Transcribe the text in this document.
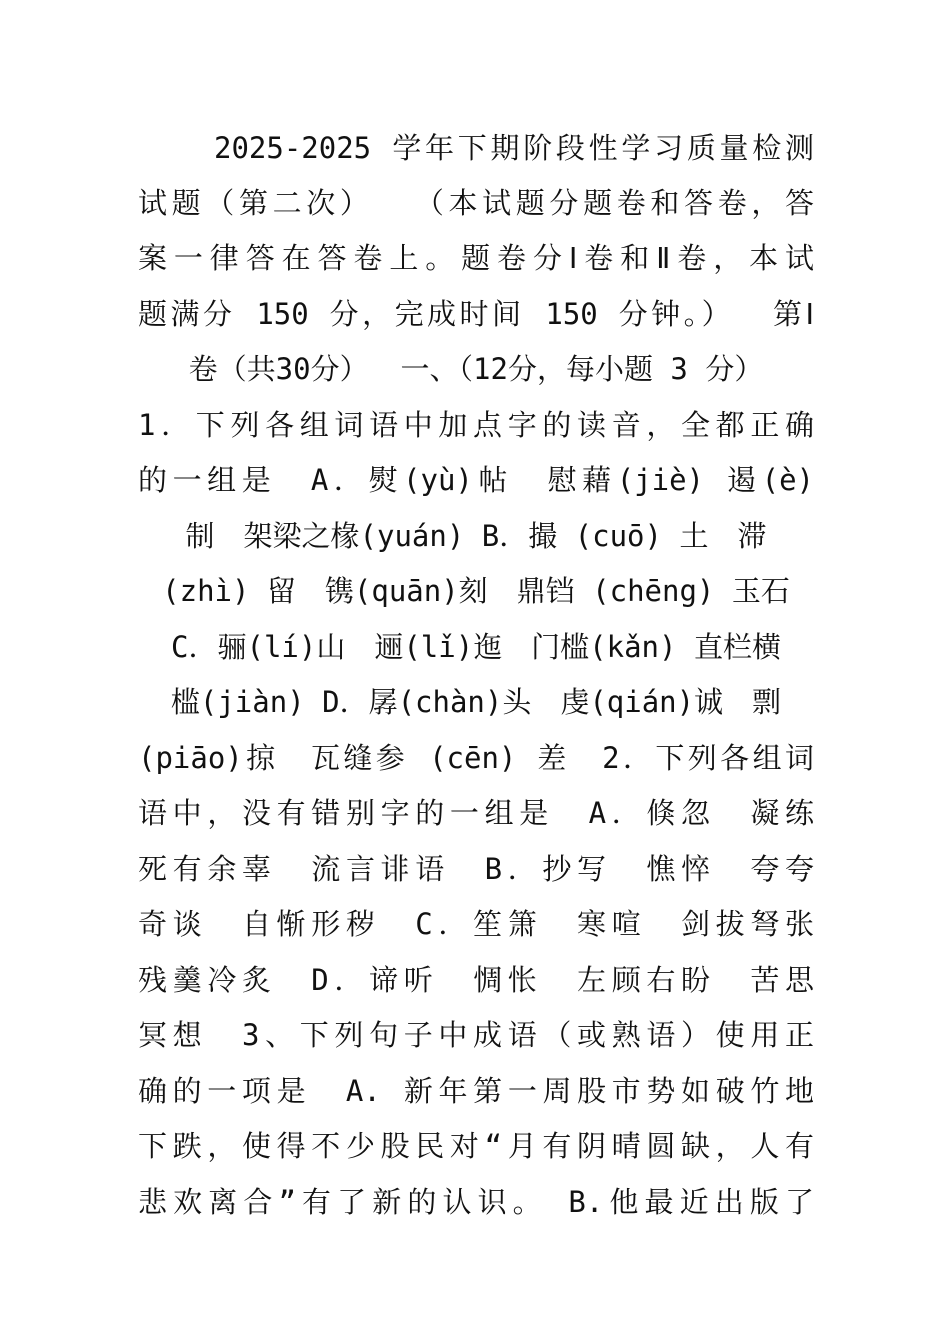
2025-2025 学年下期阶段性学习质量检测
试题（第二次）　 （本试题分题卷和答卷，答
案一律答在答卷上。题卷分Ⅰ卷和Ⅱ卷，本试
题满分 150 分，完成时间 150 分钟。）　 第Ⅰ
卷（共30分）　 一、（12分，每小题 3 分）
1．下列各组词语中加点字的读音，全都正确
的一组是　A．熨(yù)帖　慰藉(jiè) 遏(è)
制　架梁之椽(yuán) B．撮 (cuō) 土　滞
(zhì) 留　镌(quān)刻　鼎铛 (chēng) 玉石
C．骊(lí)山　逦(lǐ)迤　门槛(kǎn) 直栏横
槛(jiàn) D．孱(chàn)头　虔(qián)诚　剽
(piāo)掠　瓦缝参 (cēn) 差　2．下列各组词
语中，没有错别字的一组是　A．倏忽　凝练
死有余辜　流言诽语　B．抄写　憔悴　夸夸
奇谈　自惭形秽　C．笙箫　寒喧　剑拔弩张
残羹冷炙　D．谛听　惆怅　左顾右盼　苦思
冥想　3、下列句子中成语（或熟语）使用正
确的一项是　A. 新年第一周股市势如破竹地
下跌，使得不少股民对“月有阴晴圆缺，人有
悲欢离合”有了新的认识。　B.他最近出版了
